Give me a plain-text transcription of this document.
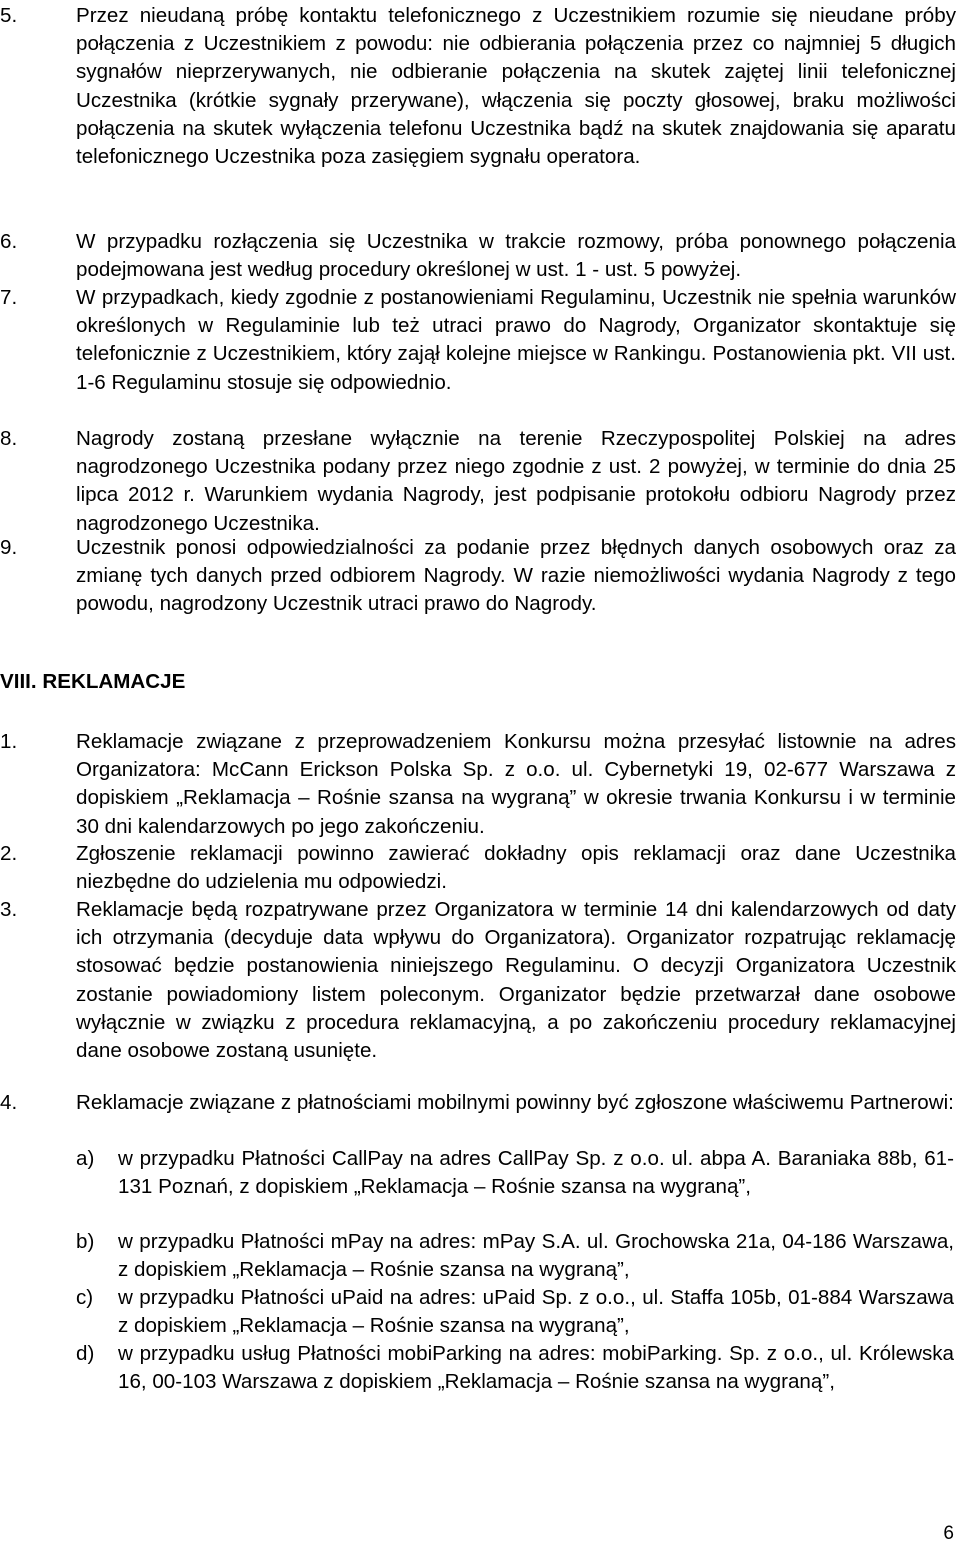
5.	Przez nieudaną próbę kontaktu telefonicznego z Uczestnikiem rozumie się nieudane próby połączenia z Uczestnikiem z powodu: nie odbierania połączenia przez co najmniej 5 długich sygnałów nieprzerywanych, nie odbieranie połączenia na skutek zajętej linii telefonicznej Uczestnika (krótkie sygnały przerywane), włączenia się poczty głosowej, braku możliwości połączenia na skutek wyłączenia telefonu Uczestnika bądź na skutek znajdowania się aparatu telefonicznego Uczestnika poza zasięgiem sygnału operatora.
6.	W przypadku rozłączenia się Uczestnika w trakcie rozmowy, próba ponownego połączenia podejmowana jest według procedury określonej w ust. 1 - ust. 5 powyżej.
7.	W przypadkach, kiedy zgodnie z postanowieniami Regulaminu, Uczestnik nie spełnia warunków określonych w Regulaminie lub też utraci prawo do Nagrody, Organizator skontaktuje się telefonicznie z Uczestnikiem, który zajął kolejne miejsce w Rankingu. Postanowienia pkt. VII ust. 1-6 Regulaminu stosuje się odpowiednio.
8.	Nagrody zostaną przesłane wyłącznie na terenie Rzeczypospolitej Polskiej na adres nagrodzonego Uczestnika podany przez niego zgodnie z ust. 2 powyżej, w terminie do dnia 25 lipca 2012 r. Warunkiem wydania Nagrody, jest podpisanie protokołu odbioru Nagrody przez nagrodzonego Uczestnika.
9.	Uczestnik ponosi odpowiedzialności za podanie przez błędnych danych osobowych oraz za zmianę tych danych przed odbiorem Nagrody. W razie niemożliwości wydania Nagrody z tego powodu, nagrodzony Uczestnik utraci prawo do Nagrody.
VIII. REKLAMACJE
1.	Reklamacje związane z przeprowadzeniem Konkursu można przesyłać listownie na adres Organizatora: McCann Erickson Polska Sp. z o.o. ul. Cybernetyki 19, 02-677 Warszawa z dopiskiem „Reklamacja – Rośnie szansa na wygraną” w okresie trwania Konkursu i w terminie 30 dni kalendarzowych po jego zakończeniu.
2.	Zgłoszenie reklamacji powinno zawierać dokładny opis reklamacji oraz dane Uczestnika niezbędne do udzielenia mu odpowiedzi.
3.	Reklamacje będą rozpatrywane przez Organizatora w terminie 14 dni kalendarzowych od daty ich otrzymania (decyduje data wpływu do Organizatora). Organizator rozpatrując reklamację stosować będzie postanowienia niniejszego Regulaminu. O decyzji Organizatora Uczestnik zostanie powiadomiony listem poleconym. Organizator będzie przetwarzał dane osobowe wyłącznie w związku z procedura reklamacyjną, a po zakończeniu procedury reklamacyjnej dane osobowe zostaną usunięte.
4.	Reklamacje związane z płatnościami mobilnymi powinny być zgłoszone właściwemu Partnerowi:
a) w przypadku Płatności CallPay na adres CallPay Sp. z o.o. ul. abpa A. Baraniaka 88b, 61-131 Poznań, z dopiskiem „Reklamacja – Rośnie szansa na wygraną”,
b) w przypadku Płatności mPay na adres: mPay S.A. ul. Grochowska 21a, 04-186 Warszawa, z dopiskiem „Reklamacja – Rośnie szansa na wygraną”,
c) w przypadku Płatności uPaid na adres: uPaid Sp. z o.o., ul. Staffa 105b, 01-884 Warszawa z dopiskiem „Reklamacja – Rośnie szansa na wygraną”,
d) w przypadku usług Płatności mobiParking na adres: mobiParking. Sp. z o.o., ul. Królewska 16, 00-103 Warszawa z dopiskiem „Reklamacja – Rośnie szansa na wygraną”,
6
